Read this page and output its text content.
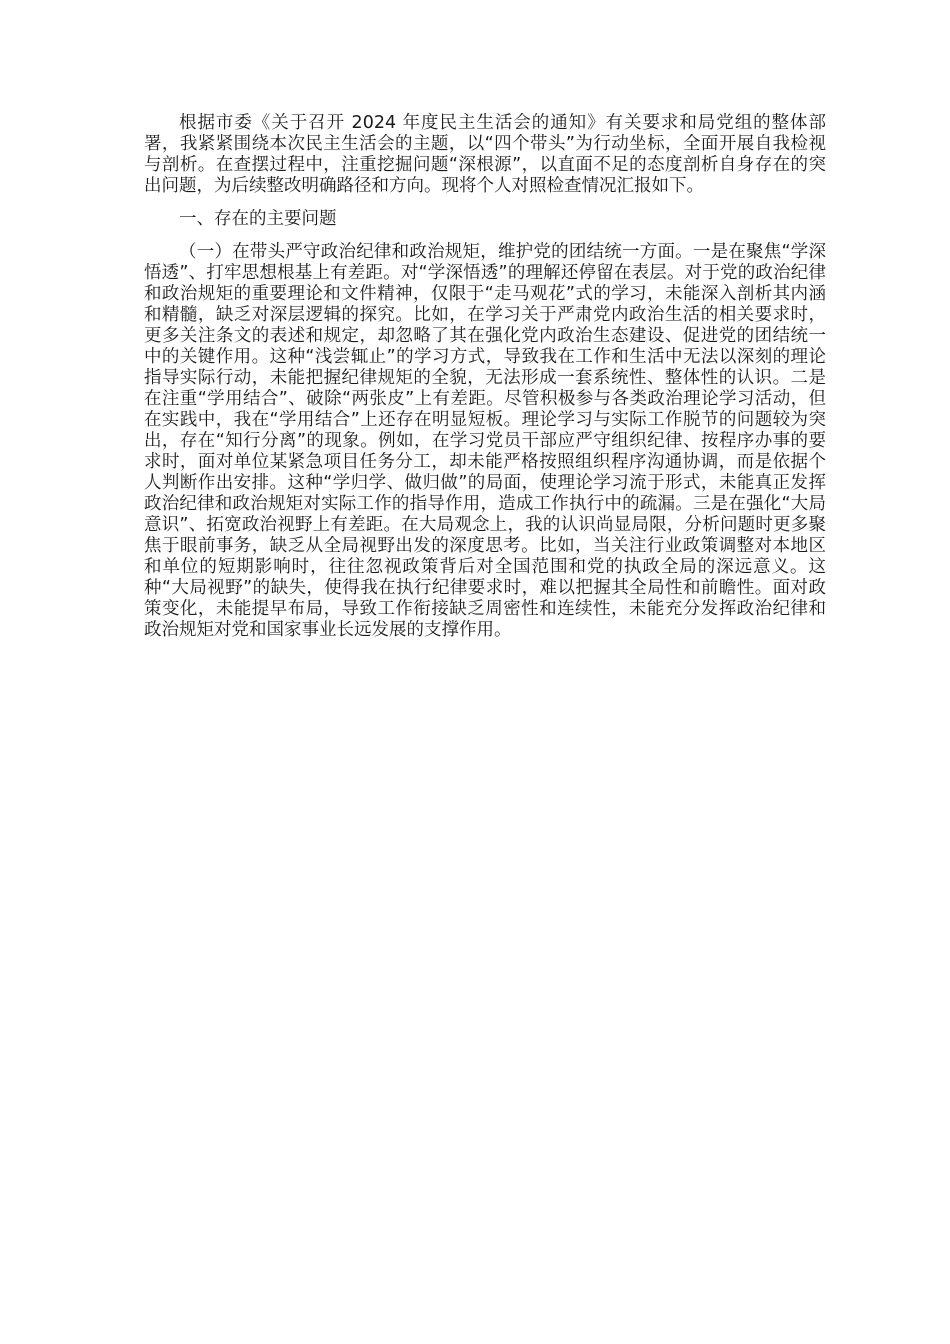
根据市委《关于召开 2024 年度民主生活会的通知》有关要求和局党组的整体部署，我紧紧围绕本次民主生活会的主题，以“四个带头”为行动坐标，全面开展自我检视与剖析。在查摆过程中，注重挖掘问题“深根源”，以直面不足的态度剖析自身存在的突出问题，为后续整改明确路径和方向。现将个人对照检查情况汇报如下。

一、存在的主要问题

（一）在带头严守政治纪律和政治规矩，维护党的团结统一方面。一是在聚焦“学深悟透”、打牢思想根基上有差距。对“学深悟透”的理解还停留在表层。对于党的政治纪律和政治规矩的重要理论和文件精神，仅限于“走马观花”式的学习，未能深入剖析其内涵和精髓，缺乏对深层逻辑的探究。比如，在学习关于严肃党内政治生活的相关要求时，更多关注条文的表述和规定，却忽略了其在强化党内政治生态建设、促进党的团结统一中的关键作用。这种“浅尝辄止”的学习方式，导致我在工作和生活中无法以深刻的理论指导实际行动，未能把握纪律规矩的全貌，无法形成一套系统性、整体性的认识。二是在注重“学用结合”、破除“两张皮”上有差距。尽管积极参与各类政治理论学习活动，但在实践中，我在“学用结合”上还存在明显短板。理论学习与实际工作脱节的问题较为突出，存在“知行分离”的现象。例如，在学习党员干部应严守组织纪律、按程序办事的要求时，面对单位某紧急项目任务分工，却未能严格按照组织程序沟通协调，而是依据个人判断作出安排。这种“学归学、做归做”的局面，使理论学习流于形式，未能真正发挥政治纪律和政治规矩对实际工作的指导作用，造成工作执行中的疏漏。三是在强化“大局意识”、拓宽政治视野上有差距。在大局观念上，我的认识尚显局限，分析问题时更多聚焦于眼前事务，缺乏从全局视野出发的深度思考。比如，当关注行业政策调整对本地区和单位的短期影响时，往往忽视政策背后对全国范围和党的执政全局的深远意义。这种“大局视野”的缺失，使得我在执行纪律要求时，难以把握其全局性和前瞻性。面对政策变化，未能提早布局，导致工作衔接缺乏周密性和连续性，未能充分发挥政治纪律和政治规矩对党和国家事业长远发展的支撑作用。
